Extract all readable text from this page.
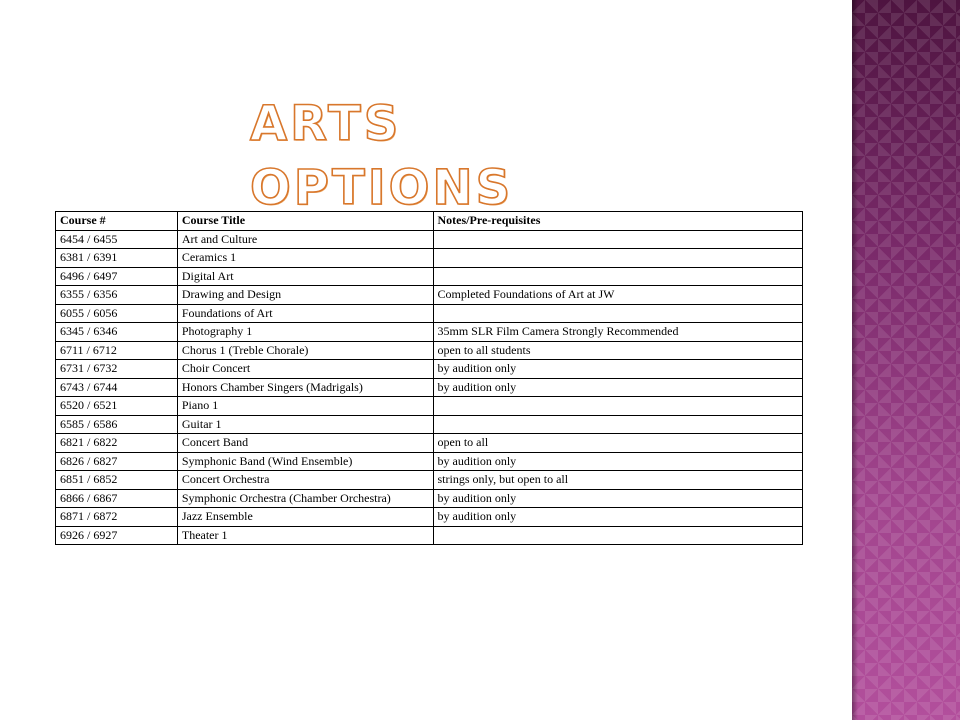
ARTS OPTIONS
Course #	Course Title	Notes/Pre-requisites
6454 / 6455	Art and Culture	
6381 / 6391	Ceramics 1	
6496 / 6497	Digital Art	
6355 / 6356	Drawing and Design	Completed Foundations of Art at JW
6055 / 6056	Foundations of Art	
6345 / 6346	Photography 1	35mm SLR Film Camera Strongly Recommended
6711 / 6712	Chorus 1 (Treble Chorale)	open to all students
6731 / 6732	Choir Concert	by audition only
6743 / 6744	Honors Chamber Singers (Madrigals)	by audition only
6520 / 6521	Piano 1	
6585 / 6586	Guitar 1	
6821 / 6822	Concert Band	open to all
6826 / 6827	Symphonic Band (Wind Ensemble)	by audition only
6851 / 6852	Concert Orchestra	strings only, but open to all
6866 / 6867	Symphonic Orchestra (Chamber Orchestra)	by audition only
6871 / 6872	Jazz Ensemble	by audition only
6926 / 6927	Theater 1	
